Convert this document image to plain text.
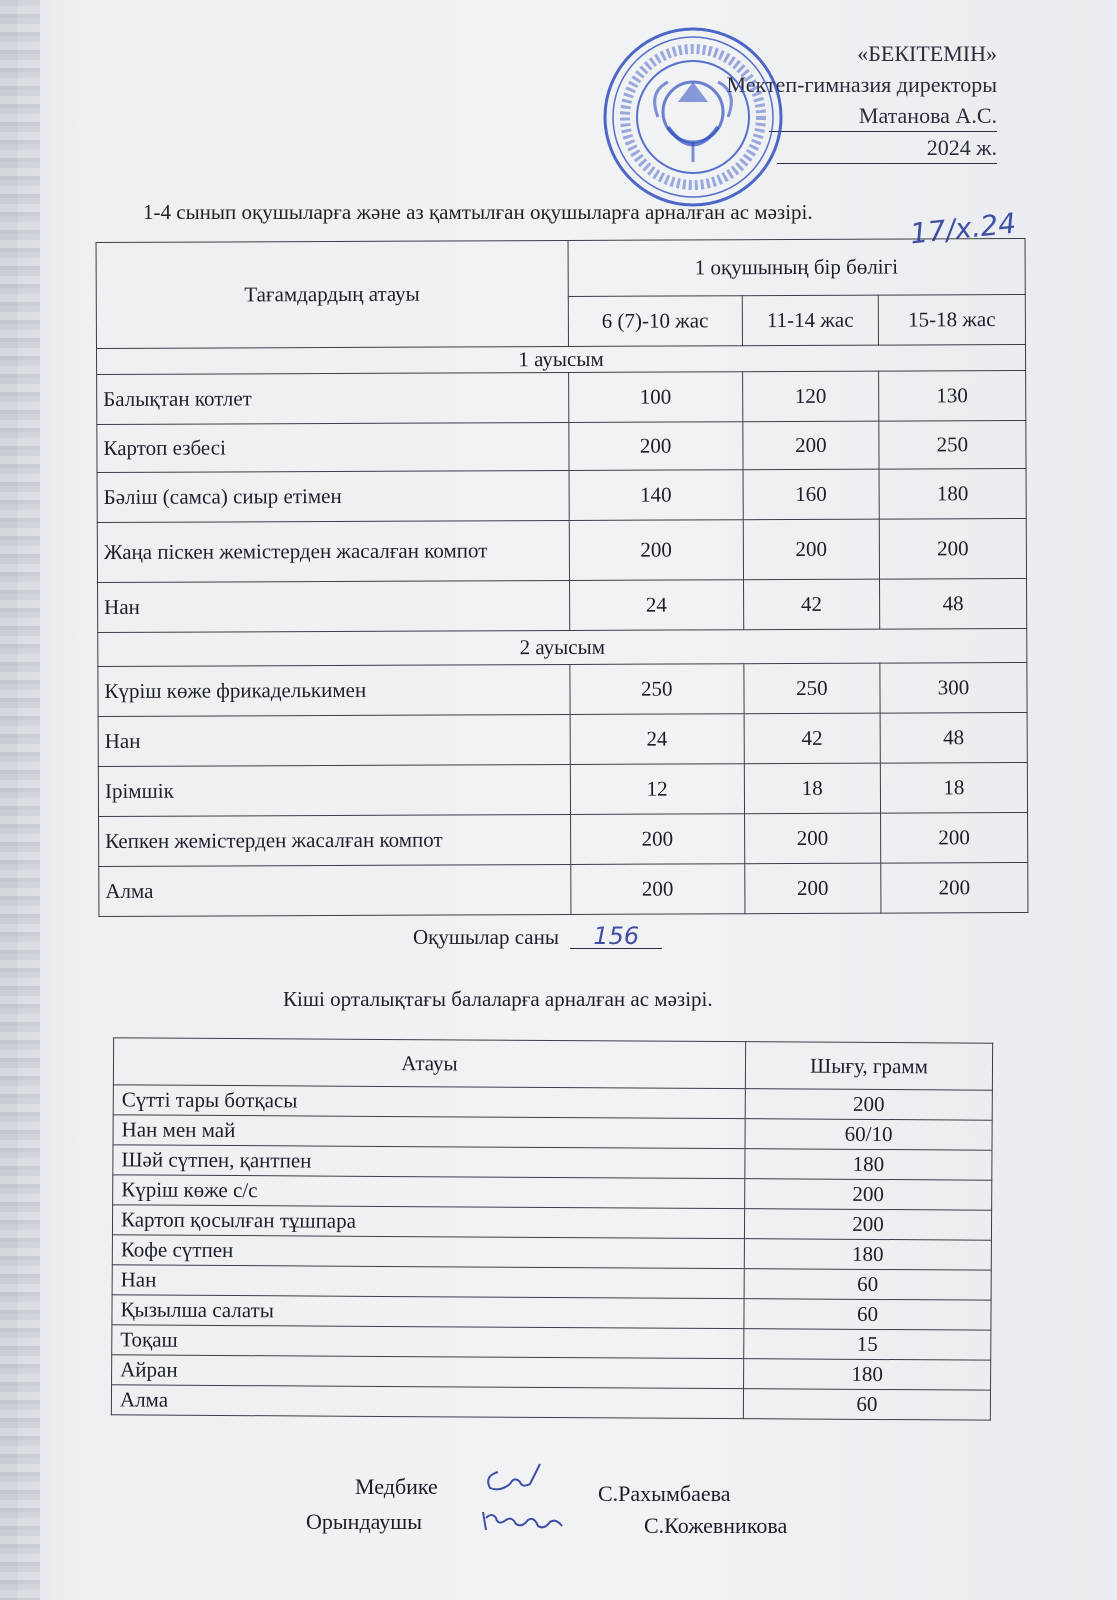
«БЕКІТЕМІН»
Мектеп-гимназия директоры
Матанова А.С.
2024 ж.
17/х.24
1-4 сынып оқушыларға және аз қамтылған оқушыларға арналған ас мәзірі.
Тағамдардың атауы	1 оқушының бір бөлігі		
	6 (7)-10 жас	11-14 жас	15-18 жас
1 ауысым			
Балықтан котлет	100	120	130
Картоп езбесі	200	200	250
Бәліш (самса) сиыр етімен	140	160	180
Жаңа піскен жемістерден жасалған компот	200	200	200
Нан	24	42	48
2 ауысым			
Күріш көже фрикаделькимен	250	250	300
Нан	24	42	48
Ірімшік	12	18	18
Кепкен жемістерден жасалған компот	200	200	200
Алма	200	200	200
Оқушылар саны 156
Кіші орталықтағы балаларға арналған ас мәзірі.
Атауы	Шығу, грамм
Сүтті тары ботқасы	200
Нан мен май	60/10
Шәй сүтпен, қантпен	180
Күріш көже с/с	200
Картоп қосылған тұшпара	200
Кофе сүтпен	180
Нан	60
Қызылша салаты	60
Тоқаш	15
Айран	180
Алма	60
Медбике	С.Рахымбаева
Орындаушы	С.Кожевникова
